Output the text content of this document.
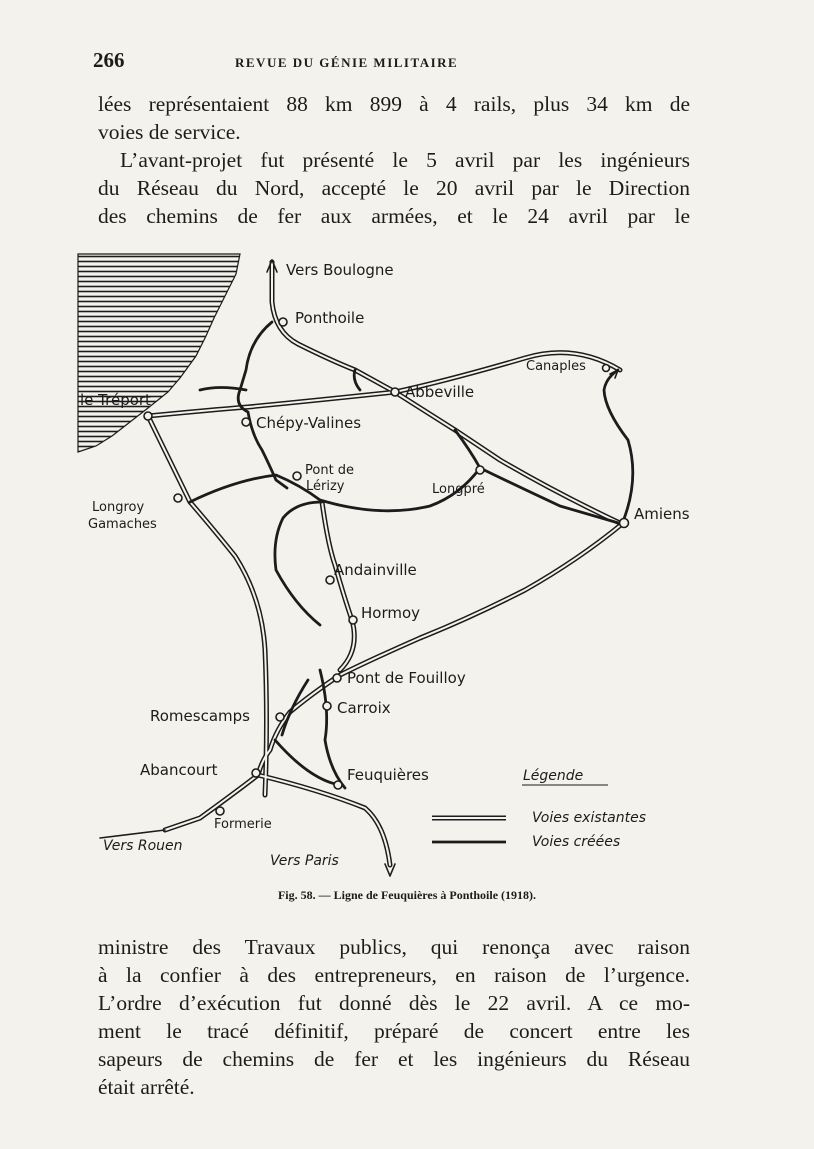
266	REVUE DU GÉNIE MILITAIRE
lées représentaient 88 km 899 à 4 rails, plus 34 km de
voies de service.
L’avant-projet fut présenté le 5 avril par les ingénieurs
du Réseau du Nord, accepté le 20 avril par le Direction
des chemins de fer aux armées, et le 24 avril par le
Vers Boulogne
Ponthoile
Canaples
Abbeville
le Tréport
Chépy-Valines
Pont de
Lérizy	Longpré
Longroy
Gamaches
Amiens
Andainville
Hormoy
Pont de Fouilloy
Carroix
Romescamps
Abancourt	Feuquières
Formerie
Vers Rouen
Vers Paris
Légende
Voies existantes
Voies créées
Fig. 58. — Ligne de Feuquières à Ponthoile (1918).
ministre des Travaux publics, qui renonça avec raison
à la confier à des entrepreneurs, en raison de l’urgence.
L’ordre d’exécution fut donné dès le 22 avril. A ce mo-
ment le tracé définitif, préparé de concert entre les
sapeurs de chemins de fer et les ingénieurs du Réseau
était arrêté.
